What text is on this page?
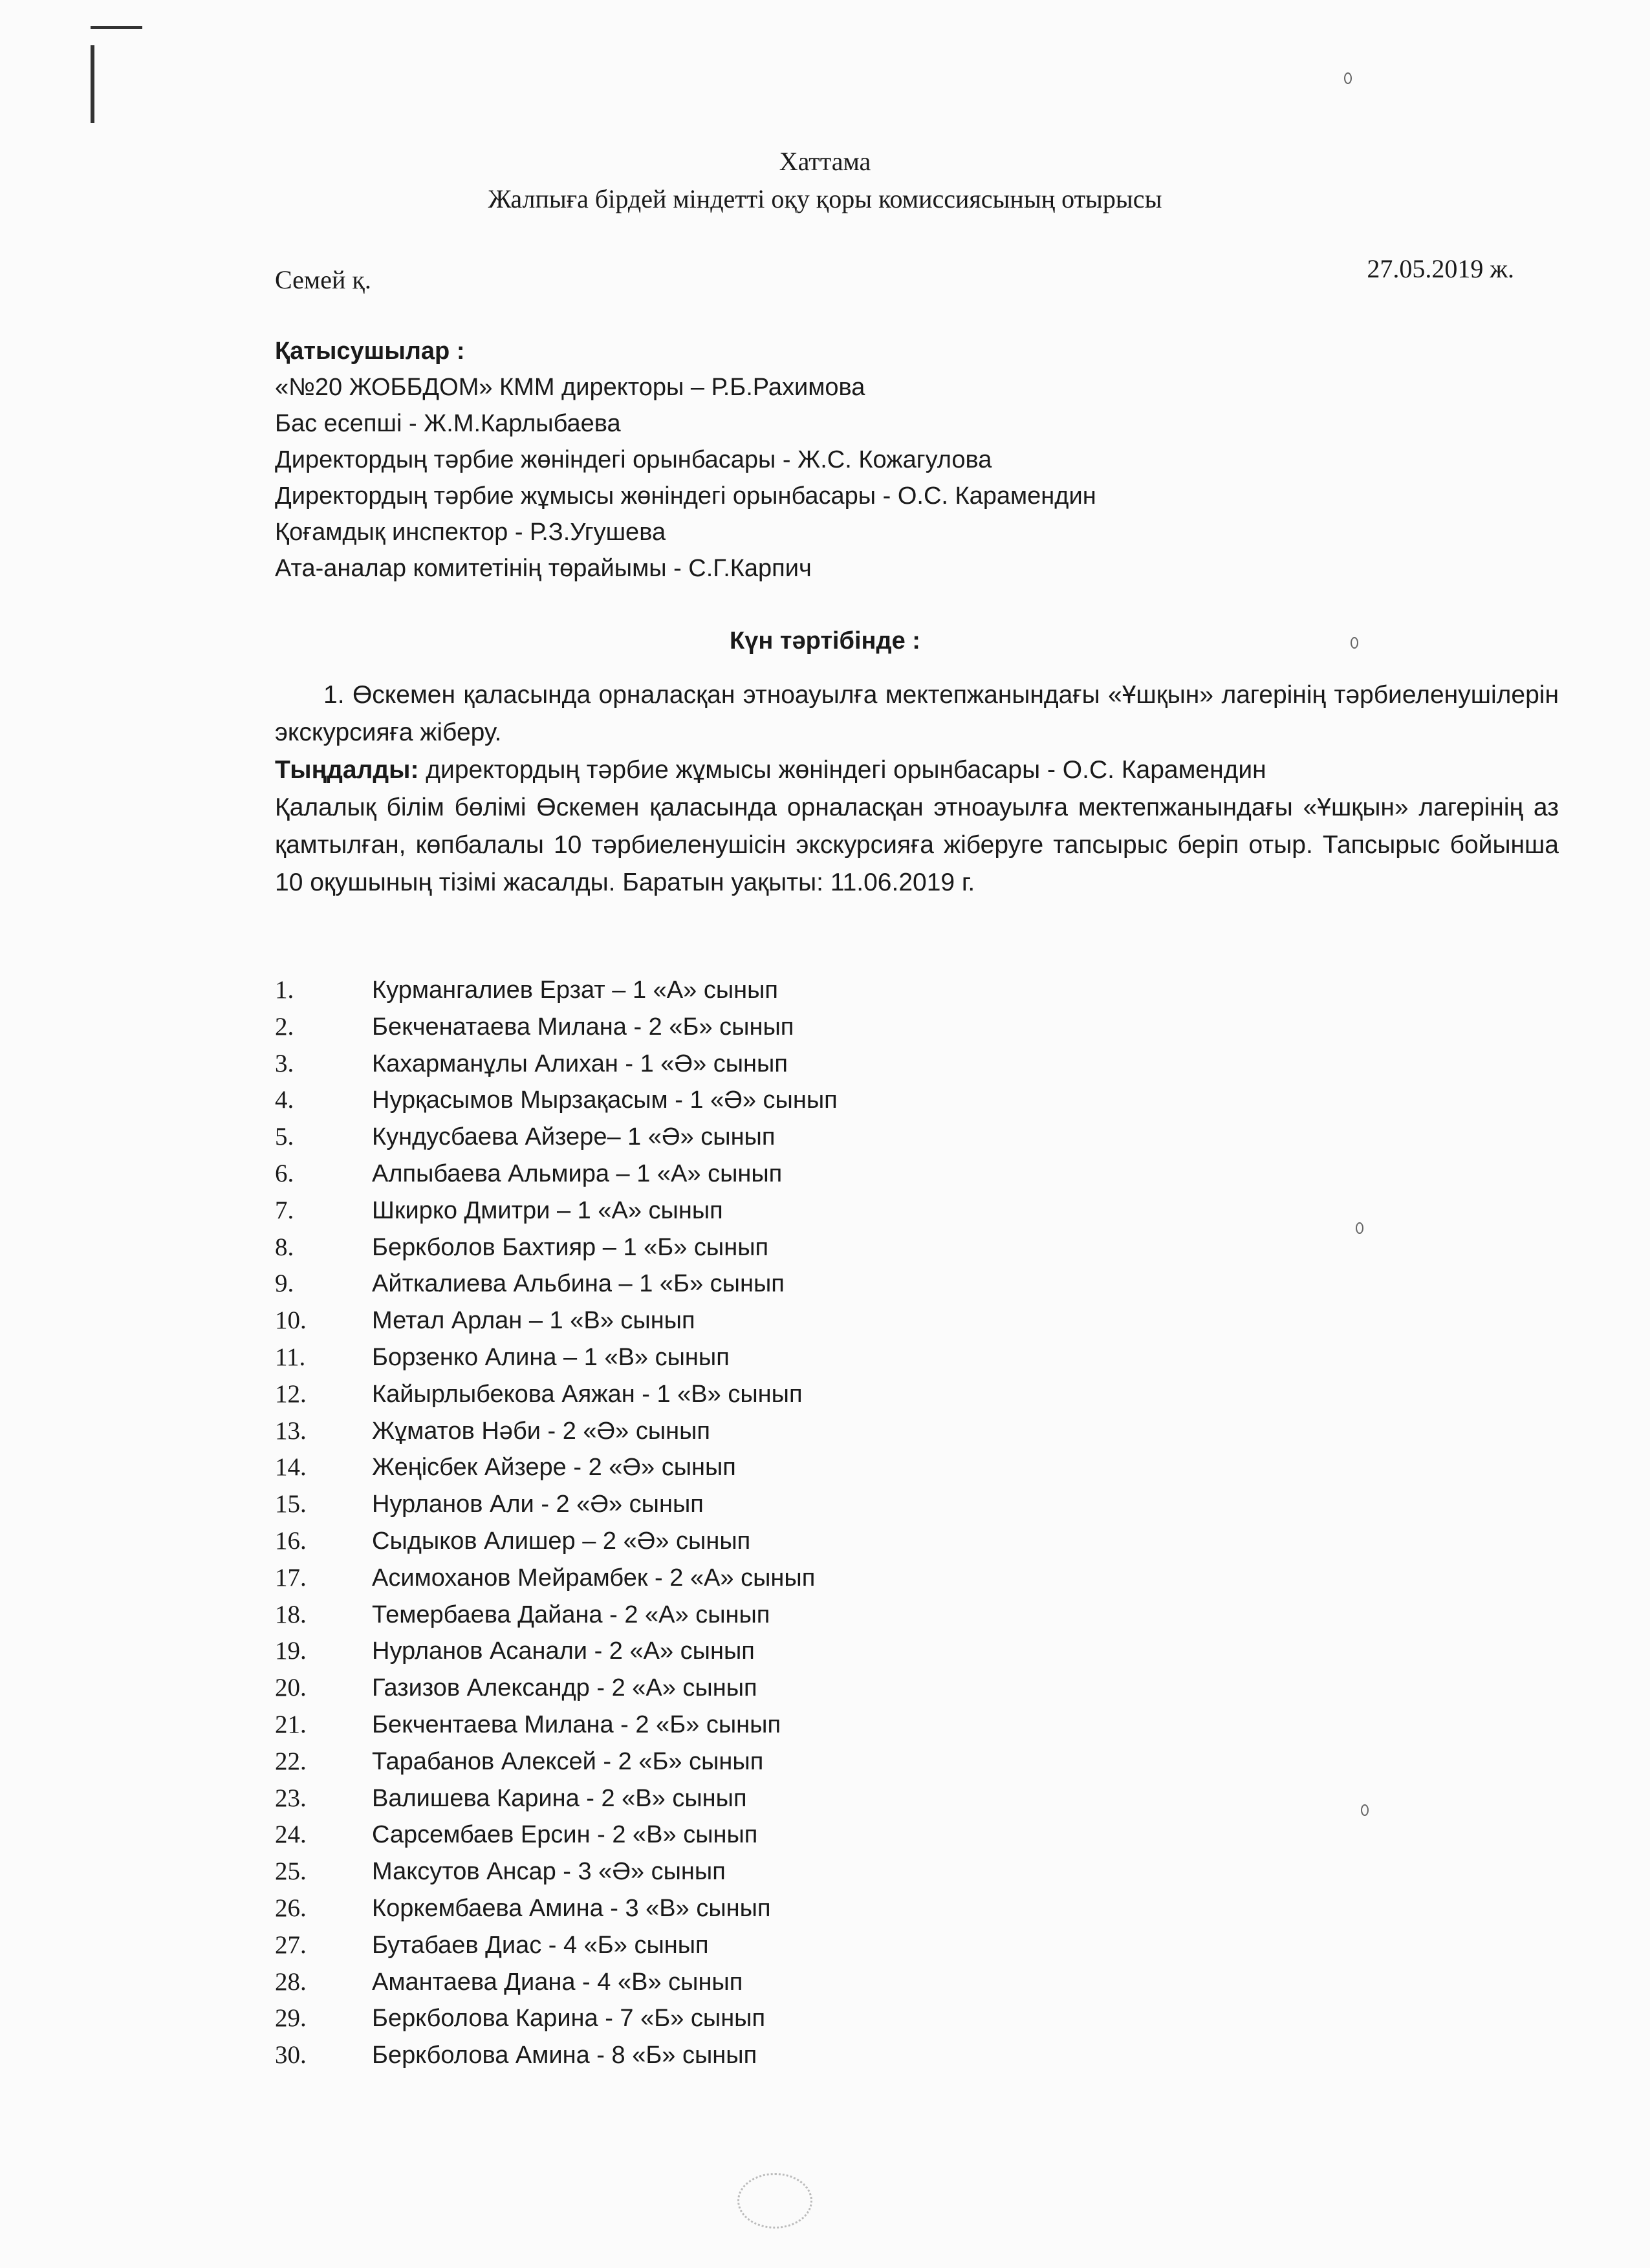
Хаттама
Жалпыға бірдей міндетті оқу қоры комиссиясының отырысы
Семей қ.	27.05.2019 ж.
Қатысушылар :
«№20 ЖОББДОМ» КММ директоры – Р.Б.Рахимова
Бас есепші - Ж.М.Карлыбаева
Директордың тәрбие жөніндегі орынбасары - Ж.С. Кожагулова
Директордың тәрбие жұмысы жөніндегі орынбасары - О.С. Карамендин
Қоғамдық инспектор - Р.З.Угушева
Ата-аналар комитетінің төрайымы - С.Г.Карпич
Күн тәртібінде :
1. Өскемен қаласында орналасқан этноауылға мектепжанындағы «Ұшқын» лагерінің тәрбиеленушілерін экскурсияға жіберу.
Тыңдалды: директордың тәрбие жұмысы жөніндегі орынбасары - О.С. Карамендин
Қалалық білім бөлімі Өскемен қаласында орналасқан этноауылға мектепжанындағы «Ұшқын» лагерінің аз қамтылған, көпбалалы 10 тәрбиеленушісін экскурсияға жіберуге тапсырыс беріп отыр. Тапсырыс бойынша 10 оқушының тізімі жасалды. Баратын уақыты: 11.06.2019 г.
1.	Курмангалиев Ерзат – 1 «А» сынып
2.	Бекченатаева Милана - 2 «Б» сынып
3.	Кахарманұлы Алихан - 1 «Ә» сынып
4.	Нурқасымов Мырзақасым - 1 «Ә» сынып
5.	Кундусбаева Айзере– 1 «Ә» сынып
6.	Алпыбаева Альмира – 1 «А» сынып
7.	Шкирко Дмитри – 1 «А» сынып
8.	Беркболов Бахтияр – 1 «Б» сынып
9.	Айткалиева Альбина – 1 «Б» сынып
10.	Метал Арлан – 1 «В» сынып
11.	Борзенко Алина – 1 «В» сынып
12.	Кайырлыбекова Аяжан - 1 «В» сынып
13.	Жұматов Нәби - 2 «Ә» сынып
14.	Жеңісбек Айзере - 2 «Ә» сынып
15.	Нурланов Али - 2 «Ә» сынып
16.	Сыдыков Алишер – 2 «Ә» сынып
17.	Асимоханов Мейрамбек - 2 «А» сынып
18.	Темербаева Дайана - 2 «А» сынып
19.	Нурланов Асанали - 2 «А» сынып
20.	Газизов Александр - 2 «А» сынып
21.	Бекчентаева Милана - 2 «Б» сынып
22.	Тарабанов Алексей - 2 «Б» сынып
23.	Валишева Карина - 2 «В» сынып
24.	Сарсембаев Ерсин - 2 «В» сынып
25.	Максутов Ансар - 3 «Ә» сынып
26.	Коркембаева Амина - 3 «В» сынып
27.	Бутабаев Диас - 4 «Б» сынып
28.	Амантаева Диана - 4 «В» сынып
29.	Беркболова Карина - 7 «Б» сынып
30.	Беркболова Амина - 8 «Б» сынып
